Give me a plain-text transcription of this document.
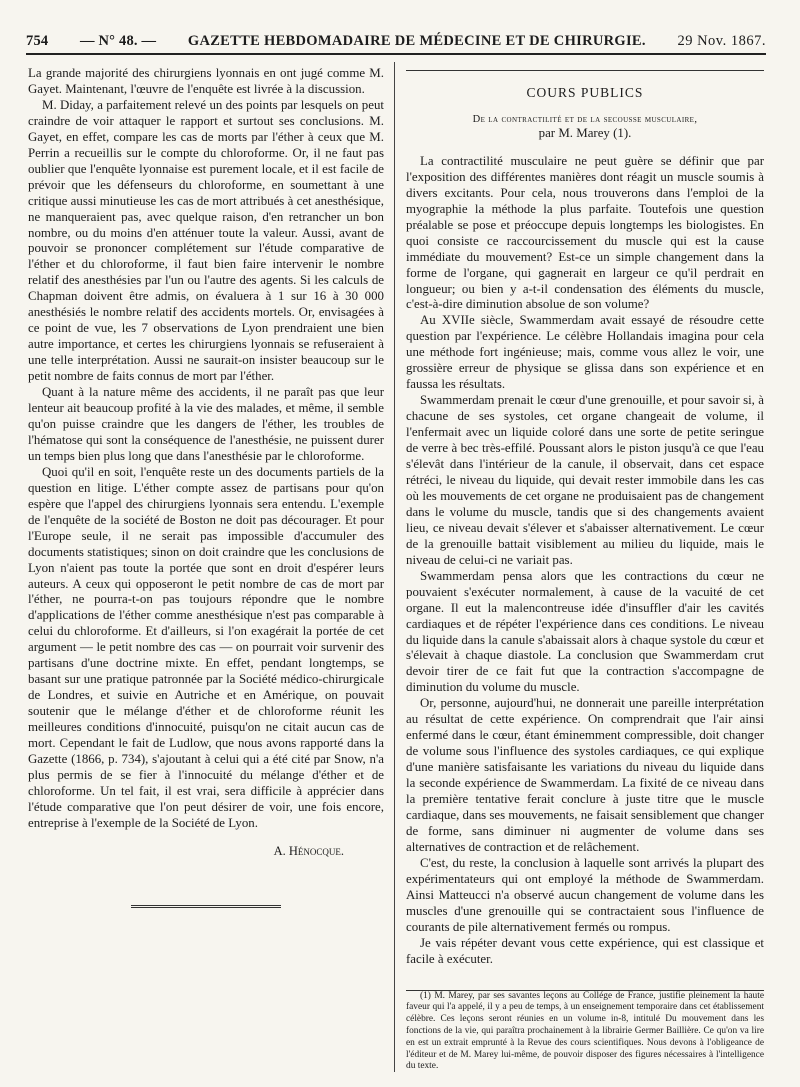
754 — N° 48. — GAZETTE HEBDOMADAIRE DE MÉDECINE ET DE CHIRURGIE. 29 Nov. 1867.

La grande majorité des chirurgiens lyonnais en ont jugé comme M. Gayet. Maintenant, l'œuvre de l'enquête est livrée à la discussion.

M. Diday, a parfaitement relevé un des points par lesquels on peut craindre de voir attaquer le rapport et surtout ses conclusions. M. Gayet, en effet, compare les cas de morts par l'éther à ceux que M. Perrin a recueillis sur le compte du chloroforme. Or, il ne faut pas oublier que l'enquête lyonnaise est purement locale, et il est facile de prévoir que les défenseurs du chloroforme, en soumettant à une critique aussi minutieuse les cas de mort attribués à cet anesthésique, ne manqueraient pas, avec quelque raison, d'en retrancher un bon nombre, ou du moins d'en atténuer toute la valeur. Aussi, avant de pouvoir se prononcer complétement sur l'étude comparative de l'éther et du chloroforme, il faut bien faire intervenir le nombre relatif des anesthésies par l'un ou l'autre des agents. Si les calculs de Chapman doivent être admis, on évaluera à 1 sur 16 à 30 000 anesthésiés le nombre relatif des accidents mortels. Or, envisagées à ce point de vue, les 7 observations de Lyon prendraient une bien autre importance, et certes les chirurgiens lyonnais se refuseraient à une telle interprétation. Aussi ne saurait-on insister beaucoup sur le petit nombre de faits connus de mort par l'éther.

Quant à la nature même des accidents, il ne paraît pas que leur lenteur ait beaucoup profité à la vie des malades, et même, il semble qu'on puisse craindre que les dangers de l'éther, les troubles de l'hématose qui sont la conséquence de l'anesthésie, ne puissent durer un temps bien plus long que dans l'anesthésie par le chloroforme.

Quoi qu'il en soit, l'enquête reste un des documents partiels de la question en litige. L'éther compte assez de partisans pour qu'on espère que l'appel des chirurgiens lyonnais sera entendu. L'exemple de l'enquête de la société de Boston ne doit pas décourager. Et pour l'Europe seule, il ne serait pas impossible d'accumuler des documents statistiques; sinon on doit craindre que les conclusions de Lyon n'aient pas toute la portée que sont en droit d'espérer leurs auteurs. A ceux qui opposeront le petit nombre de cas de mort par l'éther, ne pourra-t-on pas toujours répondre que le nombre d'applications de l'éther comme anesthésique n'est pas comparable à celui du chloroforme. Et d'ailleurs, si l'on exagérait la portée de cet argument — le petit nombre des cas — on pourrait voir survenir des partisans d'une doctrine mixte. En effet, pendant longtemps, se basant sur une pratique patronnée par la Société médico-chirurgicale de Londres, et suivie en Autriche et en Amérique, on pouvait soutenir que le mélange d'éther et de chloroforme réunit les meilleures conditions d'innocuité, puisqu'on ne citait aucun cas de mort. Cependant le fait de Ludlow, que nous avons rapporté dans la Gazette (1866, p. 734), s'ajoutant à celui qui a été cité par Snow, n'a plus permis de se fier à l'innocuité du mélange d'éther et de chloroforme. Un tel fait, il est vrai, sera difficile à apprécier dans l'étude comparative que l'on peut désirer de voir, une fois encore, entreprise à l'exemple de la Société de Lyon.

A. Hénocque.
COURS PUBLICS
De la contractilité et de la secousse musculaire,
par M. Marey (1).

La contractilité musculaire ne peut guère se définir que par l'exposition des différentes manières dont réagit un muscle soumis à divers excitants. Pour cela, nous trouverons dans l'emploi de la myographie la méthode la plus parfaite. Toutefois une question préalable se pose et préoccupe depuis longtemps les biologistes. En quoi consiste ce raccourcissement du muscle qui est la cause immédiate du mouvement? Est-ce un simple changement dans la forme de l'organe, qui gagnerait en largeur ce qu'il perdrait en longueur; ou bien y a-t-il condensation des éléments du muscle, c'est-à-dire diminution absolue de son volume?

Au XVIIe siècle, Swammerdam avait essayé de résoudre cette question par l'expérience. Le célèbre Hollandais imagina pour cela une méthode fort ingénieuse; mais, comme vous allez le voir, une grossière erreur de physique se glissa dans son expérience et en faussa les résultats.

Swammerdam prenait le cœur d'une grenouille, et pour savoir si, à chacune de ses systoles, cet organe changeait de volume, il l'enfermait avec un liquide coloré dans une sorte de petite seringue de verre à bec très-effilé. Poussant alors le piston jusqu'à ce que l'eau s'élevât dans l'intérieur de la canule, il observait, dans cet espace rétréci, le niveau du liquide, qui devait rester immobile dans les cas où les mouvements de cet organe ne produisaient pas de changement dans le volume du muscle, tandis que si des changements avaient lieu, ce niveau devait s'élever et s'abaisser alternativement. Le cœur de la grenouille battait visiblement au milieu du liquide, mais le niveau de celui-ci ne variait pas.

Swammerdam pensa alors que les contractions du cœur ne pouvaient s'exécuter normalement, à cause de la vacuité de cet organe. Il eut la malencontreuse idée d'insuffler d'air les cavités cardiaques et de répéter l'expérience dans ces conditions. Le niveau du liquide dans la canule s'abaissait alors à chaque systole du cœur et s'élevait à chaque diastole. La conclusion que Swammerdam crut devoir tirer de ce fait fut que la contraction s'accompagne de diminution du volume du muscle.

Or, personne, aujourd'hui, ne donnerait une pareille interprétation au résultat de cette expérience. On comprendrait que l'air ainsi enfermé dans le cœur, étant éminemment compressible, doit changer de volume sous l'influence des systoles cardiaques, ce qui explique d'une manière satisfaisante les variations du niveau du liquide dans la seconde expérience de Swammerdam. La fixité de ce niveau dans la première tentative ferait conclure à juste titre que le muscle cardiaque, dans ses mouvements, ne faisait sensiblement que changer de forme, sans diminuer ni augmenter de volume dans ses alternatives de contraction et de relâchement.

C'est, du reste, la conclusion à laquelle sont arrivés la plupart des expérimentateurs qui ont employé la méthode de Swammerdam. Ainsi Matteucci n'a observé aucun changement de volume dans les muscles d'une grenouille qui se contractaient sous l'influence de courants de pile alternativement fermés ou rompus.

Je vais répéter devant vous cette expérience, qui est classique et facile à exécuter.

(1) M. Marey, par ses savantes leçons au Collége de France, justifie pleinement la haute faveur qui l'a appelé, il y a peu de temps, à un enseignement temporaire dans cet établissement célèbre. Ces leçons seront réunies en un volume in-8, intitulé Du mouvement dans les fonctions de la vie, qui paraîtra prochainement à la librairie Germer Baillière. Ce qu'on va lire en est un extrait emprunté à la Revue des cours scientifiques. Nous devons à l'obligeance de l'éditeur et de M. Marey lui-même, de pouvoir disposer des figures nécessaires à l'intelligence du texte.
